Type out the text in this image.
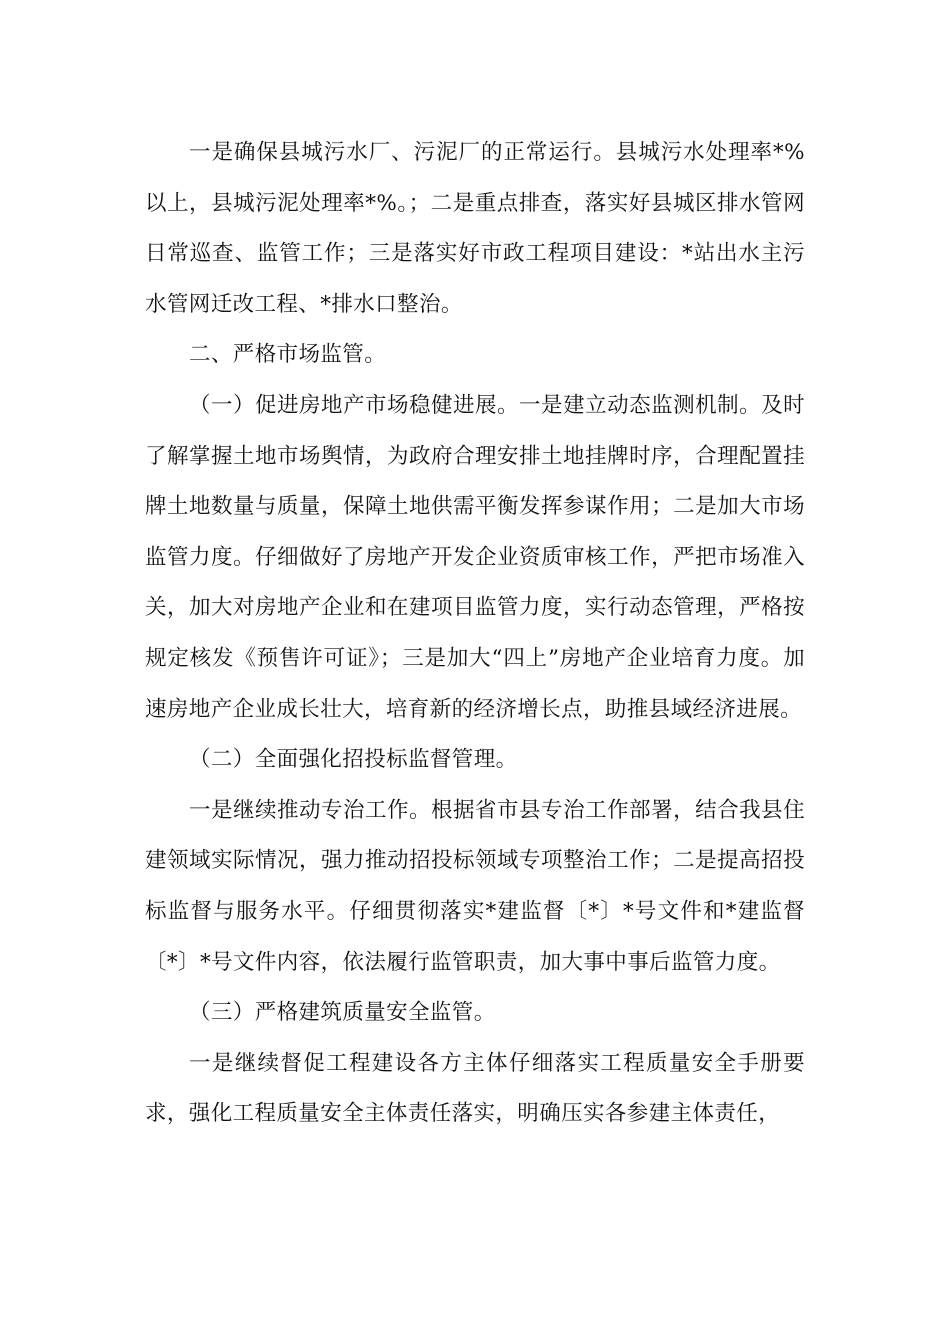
一是确保县城污水厂、污泥厂的正常运行。县城污水处理率*%以上，县城污泥处理率*%。；二是重点排查，落实好县城区排水管网日常巡查、监管工作；三是落实好市政工程项目建设：*站出水主污水管网迁改工程、*排水口整治。

二、严格市场监管。

（一）促进房地产市场稳健进展。一是建立动态监测机制。及时了解掌握土地市场舆情，为政府合理安排土地挂牌时序，合理配置挂牌土地数量与质量，保障土地供需平衡发挥参谋作用；二是加大市场监管力度。仔细做好了房地产开发企业资质审核工作，严把市场准入关，加大对房地产企业和在建项目监管力度，实行动态管理，严格按规定核发《预售许可证》；三是加大“四上”房地产企业培育力度。加速房地产企业成长壮大，培育新的经济增长点，助推县域经济进展。

（二）全面强化招投标监督管理。

一是继续推动专治工作。根据省市县专治工作部署，结合我县住建领域实际情况，强力推动招投标领域专项整治工作；二是提高招投标监督与服务水平。仔细贯彻落实*建监督〔*〕*号文件和*建监督〔*〕*号文件内容，依法履行监管职责，加大事中事后监管力度。

（三）严格建筑质量安全监管。

一是继续督促工程建设各方主体仔细落实工程质量安全手册要求，强化工程质量安全主体责任落实，明确压实各参建主体责任，
